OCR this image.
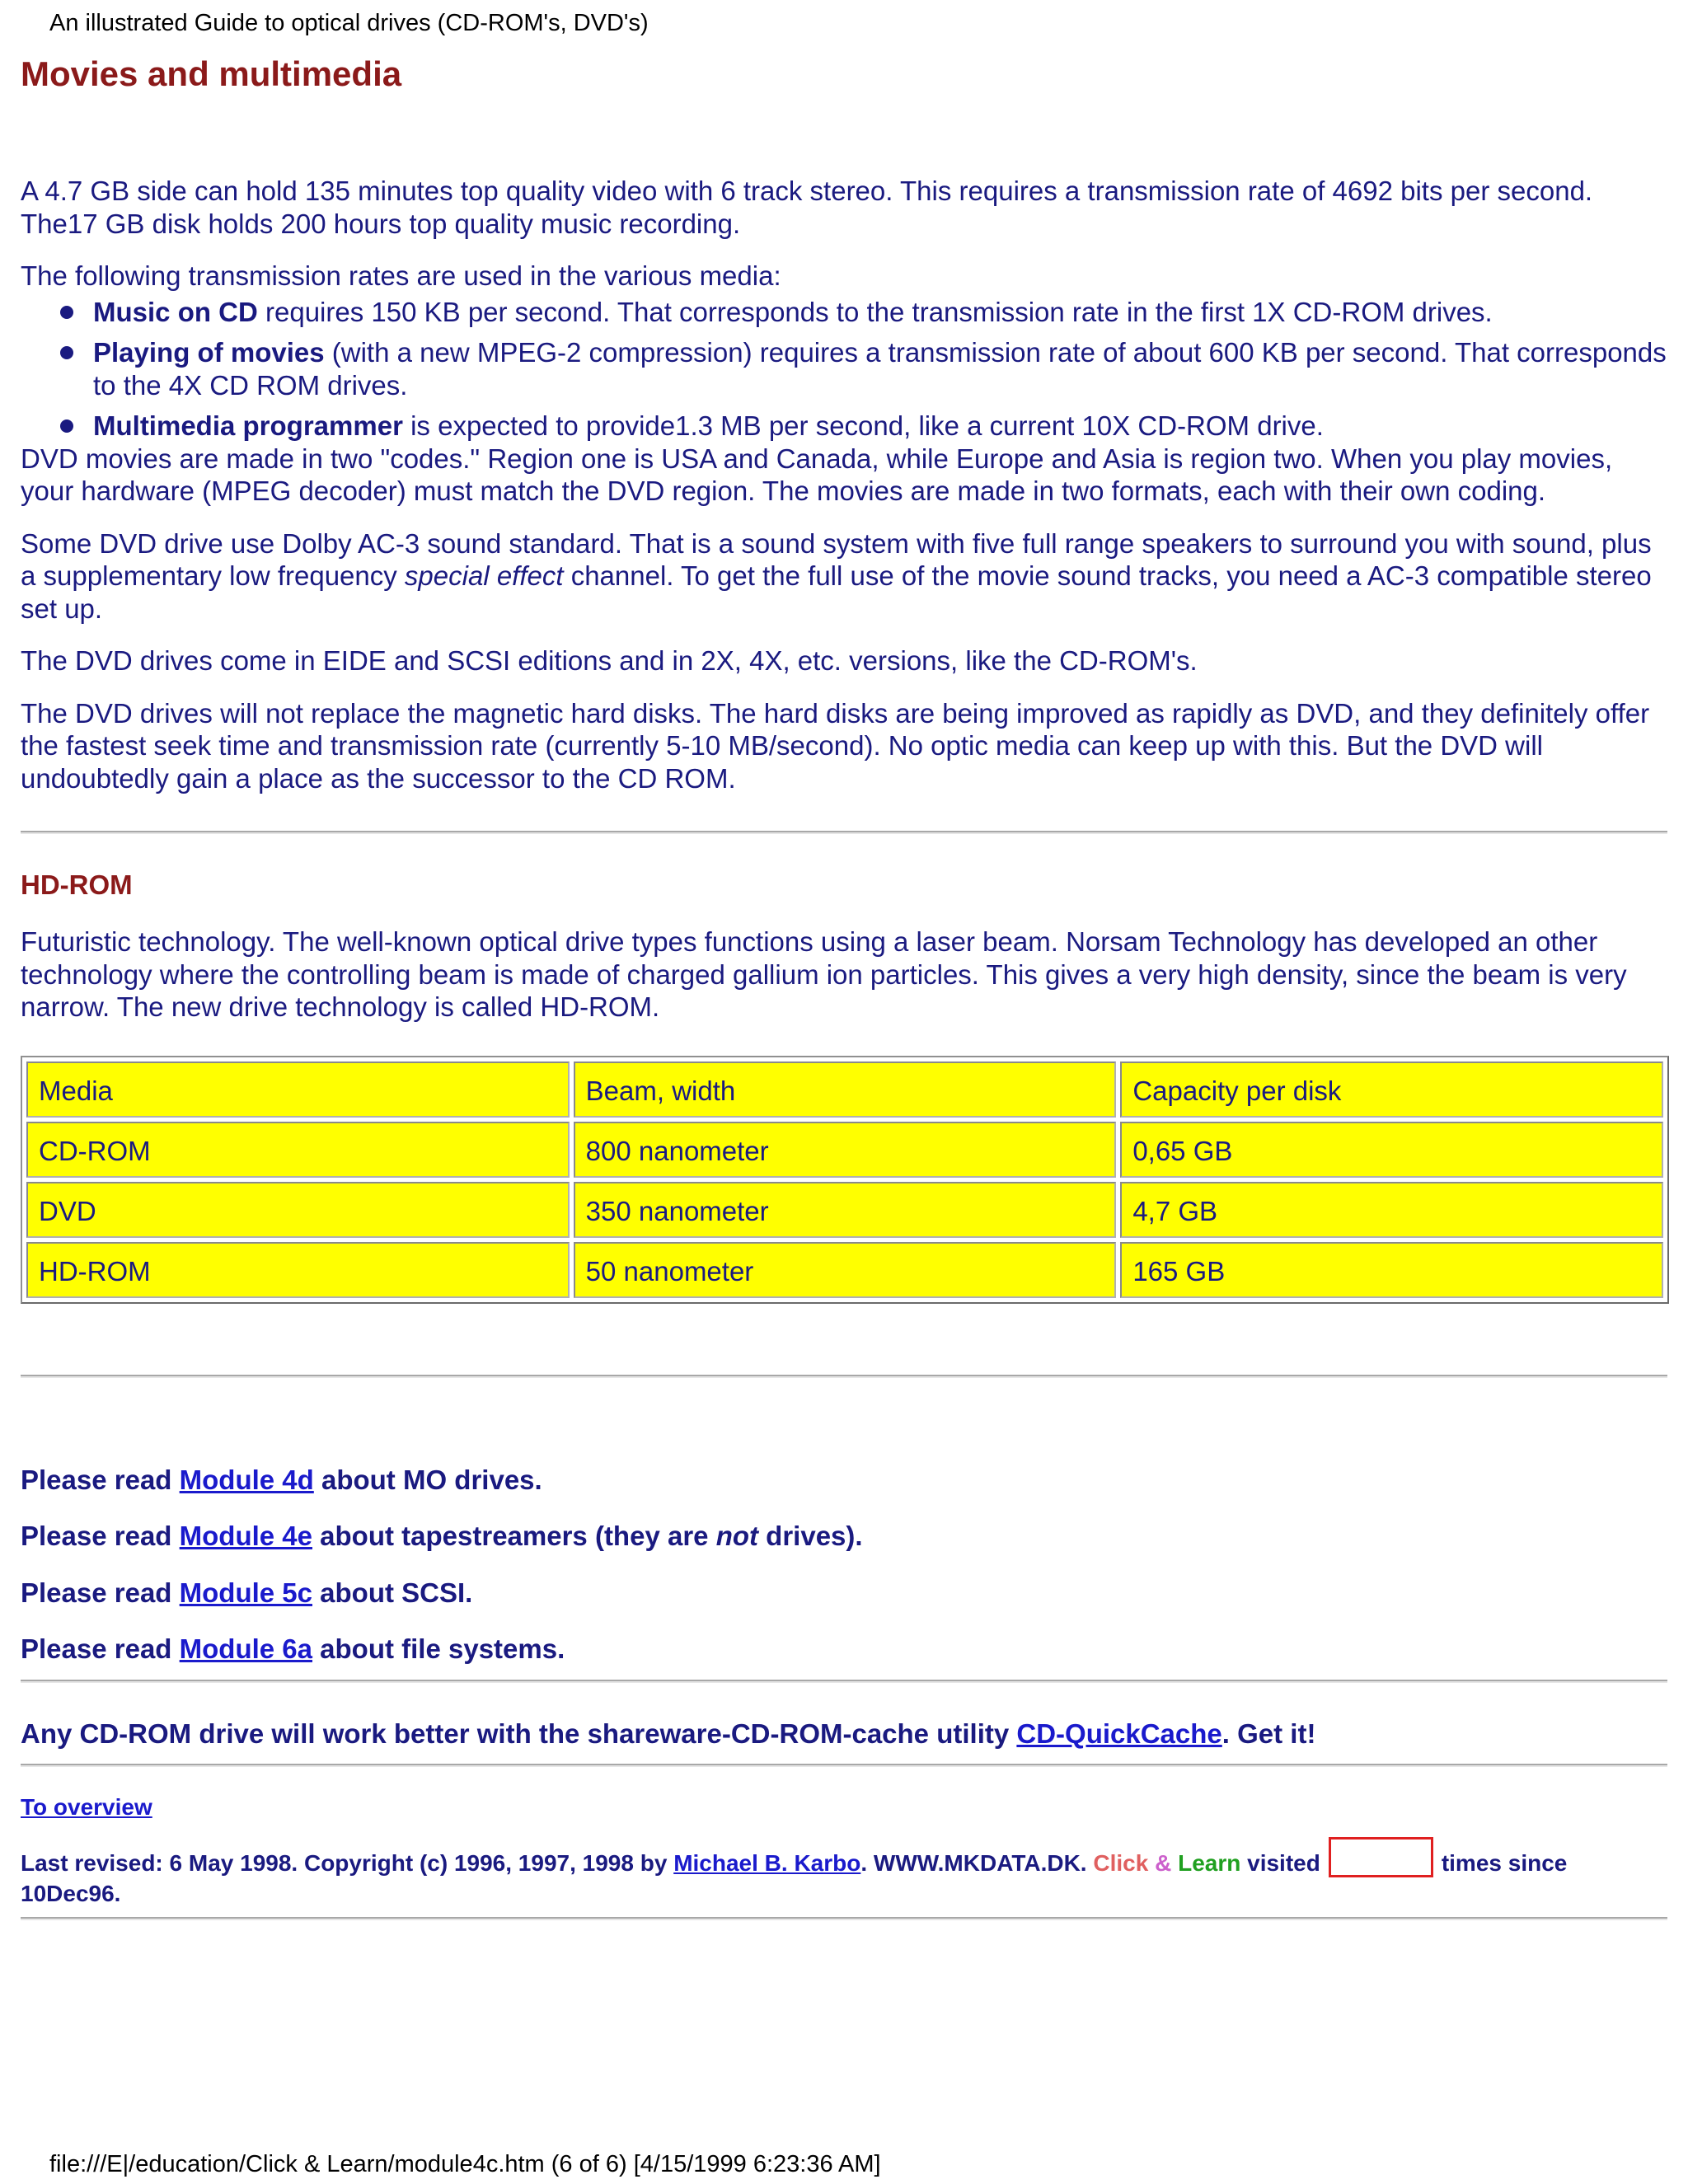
An illustrated Guide to optical drives (CD-ROM's, DVD's)
Movies and multimedia

A 4.7 GB side can hold 135 minutes top quality video with 6 track stereo. This requires a transmission rate of 4692 bits per second. The17 GB disk holds 200 hours top quality music recording.

The following transmission rates are used in the various media:

Music on CD requires 150 KB per second. That corresponds to the transmission rate in the first 1X CD-ROM drives.
Playing of movies (with a new MPEG-2 compression) requires a transmission rate of about 600 KB per second. That corresponds to the 4X CD ROM drives.
Multimedia programmer is expected to provide1.3 MB per second, like a current 10X CD-ROM drive.

DVD movies are made in two "codes." Region one is USA and Canada, while Europe and Asia is region two. When you play movies, your hardware (MPEG decoder) must match the DVD region. The movies are made in two formats, each with their own coding.

Some DVD drive use Dolby AC-3 sound standard. That is a sound system with five full range speakers to surround you with sound, plus a supplementary low frequency special effect channel. To get the full use of the movie sound tracks, you need a AC-3 compatible stereo set up.

The DVD drives come in EIDE and SCSI editions and in 2X, 4X, etc. versions, like the CD-ROM's.

The DVD drives will not replace the magnetic hard disks. The hard disks are being improved as rapidly as DVD, and they definitely offer the fastest seek time and transmission rate (currently 5-10 MB/second). No optic media can keep up with this. But the DVD will undoubtedly gain a place as the successor to the CD ROM.

HD-ROM

Futuristic technology. The well-known optical drive types functions using a laser beam. Norsam Technology has developed an other technology where the controlling beam is made of charged gallium ion particles. This gives a very high density, since the beam is very narrow. The new drive technology is called HD-ROM.

Media	Beam, width	Capacity per disk
CD-ROM	800 nanometer	0,65 GB
DVD	350 nanometer	4,7 GB
HD-ROM	50 nanometer	165 GB

Please read Module 4d about MO drives.

Please read Module 4e about tapestreamers (they are not drives).

Please read Module 5c about SCSI.

Please read Module 6a about file systems.

Any CD-ROM drive will work better with the shareware-CD-ROM-cache utility CD-QuickCache. Get it!

To overview

Last revised: 6 May 1998. Copyright (c) 1996, 1997, 1998 by Michael B. Karbo. WWW.MKDATA.DK. Click & Learn visited	times since 10Dec96.

file:///E|/education/Click & Learn/module4c.htm (6 of 6) [4/15/1999 6:23:36 AM]
